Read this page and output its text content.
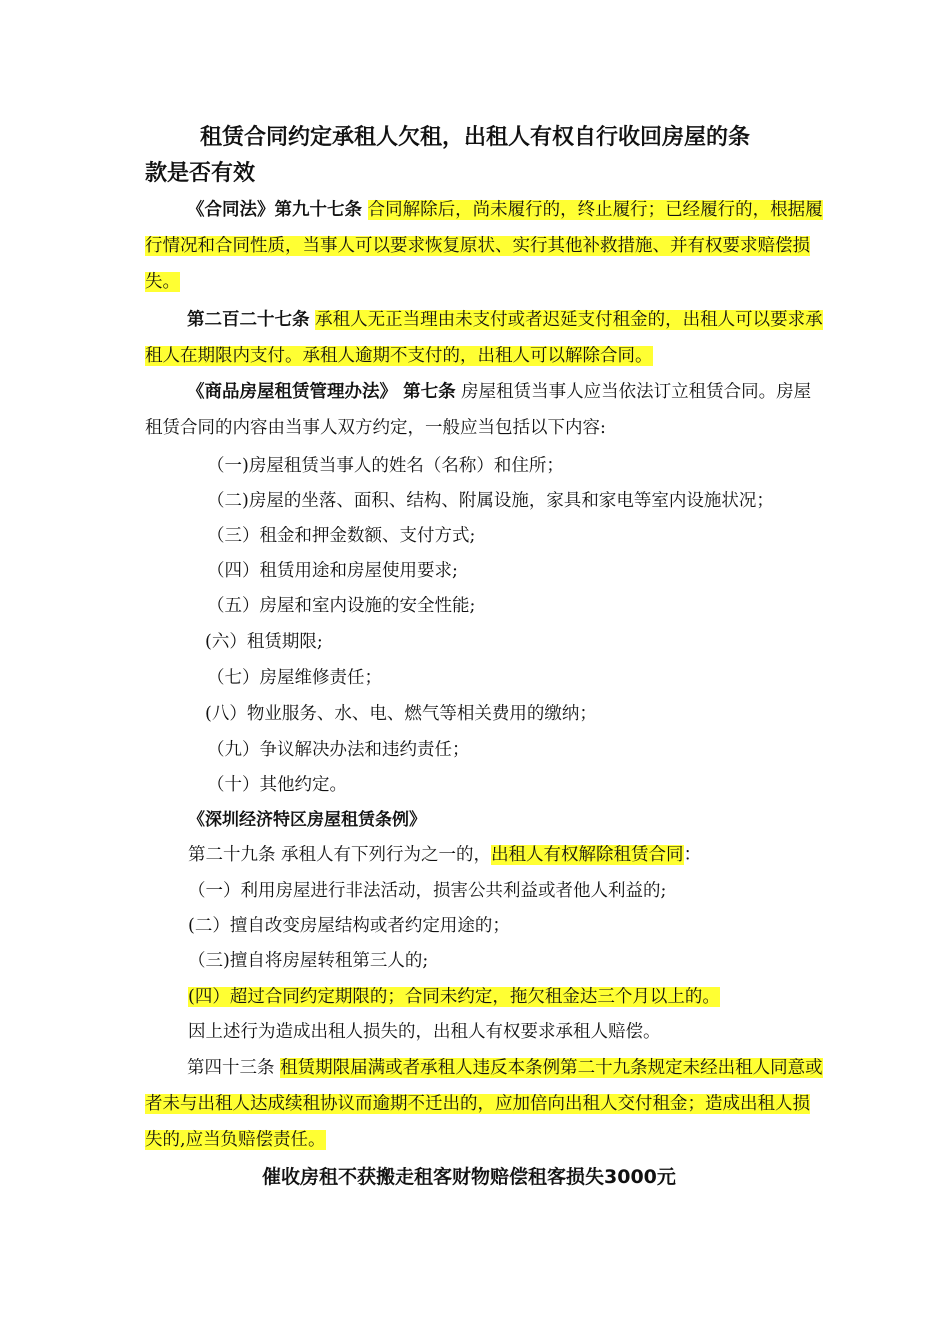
租赁合同约定承租人欠租，出租人有权自行收回房屋的条
款是否有效

《合同法》第九十七条 合同解除后，尚未履行的，终止履行；已经履行的，根据履行情况和合同性质，当事人可以要求恢复原状、实行其他补救措施、并有权要求赔偿损失。

第二百二十七条 承租人无正当理由未支付或者迟延支付租金的，出租人可以要求承租人在期限内支付。承租人逾期不支付的，出租人可以解除合同。

《商品房屋租赁管理办法》 第七条 房屋租赁当事人应当依法订立租赁合同。房屋租赁合同的内容由当事人双方约定，一般应当包括以下内容:

（一)房屋租赁当事人的姓名（名称）和住所；

（二)房屋的坐落、面积、结构、附属设施，家具和家电等室内设施状况；

（三）租金和押金数额、支付方式;

（四）租赁用途和房屋使用要求;

（五）房屋和室内设施的安全性能;

(六）租赁期限;

（七）房屋维修责任；

(八）物业服务、水、电、燃气等相关费用的缴纳；

（九）争议解决办法和违约责任；

（十）其他约定。

《深圳经济特区房屋租赁条例》

第二十九条 承租人有下列行为之一的，出租人有权解除租赁合同：

（一）利用房屋进行非法活动，损害公共利益或者他人利益的;

(二）擅自改变房屋结构或者约定用途的；

（三)擅自将房屋转租第三人的;

(四）超过合同约定期限的；合同未约定，拖欠租金达三个月以上的。

因上述行为造成出租人损失的，出租人有权要求承租人赔偿。

第四十三条 租赁期限届满或者承租人违反本条例第二十九条规定未经出租人同意或者未与出租人达成续租协议而逾期不迁出的，应加倍向出租人交付租金；造成出租人损失的,应当负赔偿责任。

催收房租不获搬走租客财物赔偿租客损失3000元
